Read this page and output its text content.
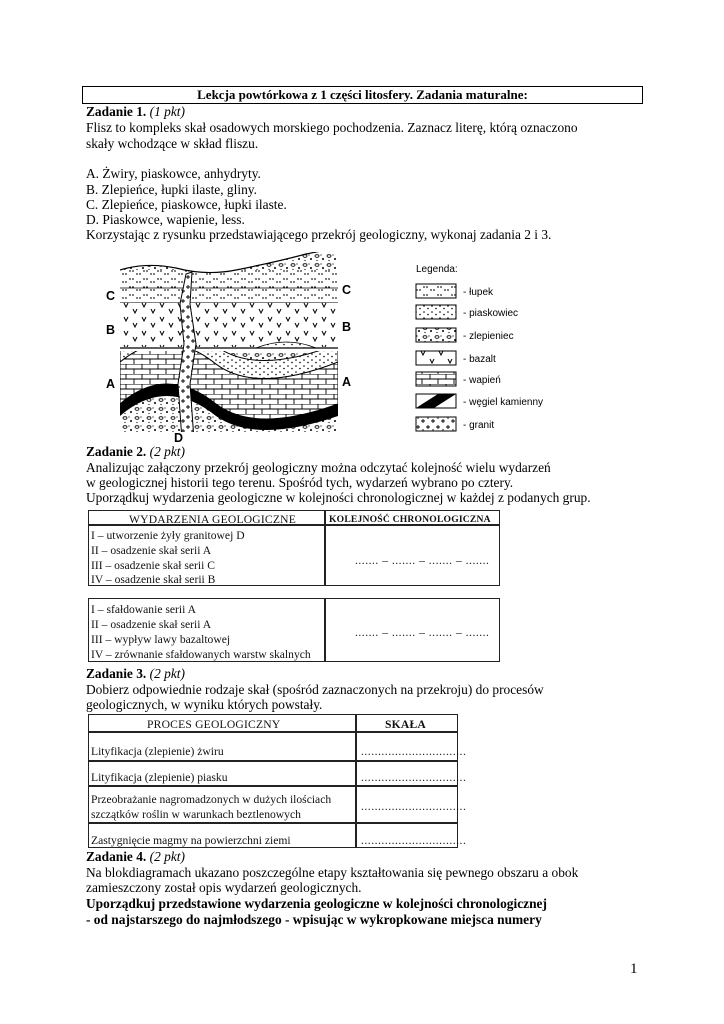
Lekcja powtórkowa z 1 części litosfery. Zadania maturalne:
Zadanie 1. (1 pkt)
Flisz to kompleks skał osadowych morskiego pochodzenia. Zaznacz literę, którą oznaczono
skały wchodzące w skład fliszu.
A. Żwiry, piaskowce, anhydryty.
B. Zlepieńce, łupki ilaste, gliny.
C. Zlepieńce, piaskowce, łupki ilaste.
D. Piaskowce, wapienie, less.
Korzystając z rysunku przedstawiającego przekrój geologiczny, wykonaj zadania 2 i 3.
C
B
A
C
B
A
D
Legenda:
- łupek
- piaskowiec
- zlepieniec
- bazalt
- wapień
- węgiel kamienny
- granit
Zadanie 2. (2 pkt)
Analizując załączony przekrój geologiczny można odczytać kolejność wielu wydarzeń
w geologicznej historii tego terenu. Spośród tych, wydarzeń wybrano po cztery.
Uporządkuj wydarzenia geologiczne w kolejności chronologicznej w każdej z podanych grup.
WYDARZENIA GEOLOGICZNE	KOLEJNOŚĆ CHRONOLOGICZNA
I – utworzenie żyły granitowej D
II – osadzenie skał serii A
III – osadzenie skał serii C
IV – osadzenie skał serii B
....... – ....... – ....... – .......
I – sfałdowanie serii A
II – osadzenie skał serii A
III – wypływ lawy bazaltowej
IV – zrównanie sfałdowanych warstw skalnych
....... – ....... – ....... – .......
Zadanie 3. (2 pkt)
Dobierz odpowiednie rodzaje skał (spośród zaznaczonych na przekroju) do procesów
geologicznych, w wyniku których powstały.
PROCES GEOLOGICZNY	SKAŁA
Lityfikacja (zlepienie) żwiru
Lityfikacja (zlepienie) piasku
Przeobrażanie nagromadzonych w dużych ilościach
szczątków roślin w warunkach beztlenowych
Zastygnięcie magmy na powierzchni ziemi
...............................
...............................
...............................
...............................
Zadanie 4. (2 pkt)
Na blokdiagramach ukazano poszczególne etapy kształtowania się pewnego obszaru a obok
zamieszczony został opis wydarzeń geologicznych.
Uporządkuj przedstawione wydarzenia geologiczne w kolejności chronologicznej
- od najstarszego do najmłodszego - wpisując w wykropkowane miejsca numery
1
